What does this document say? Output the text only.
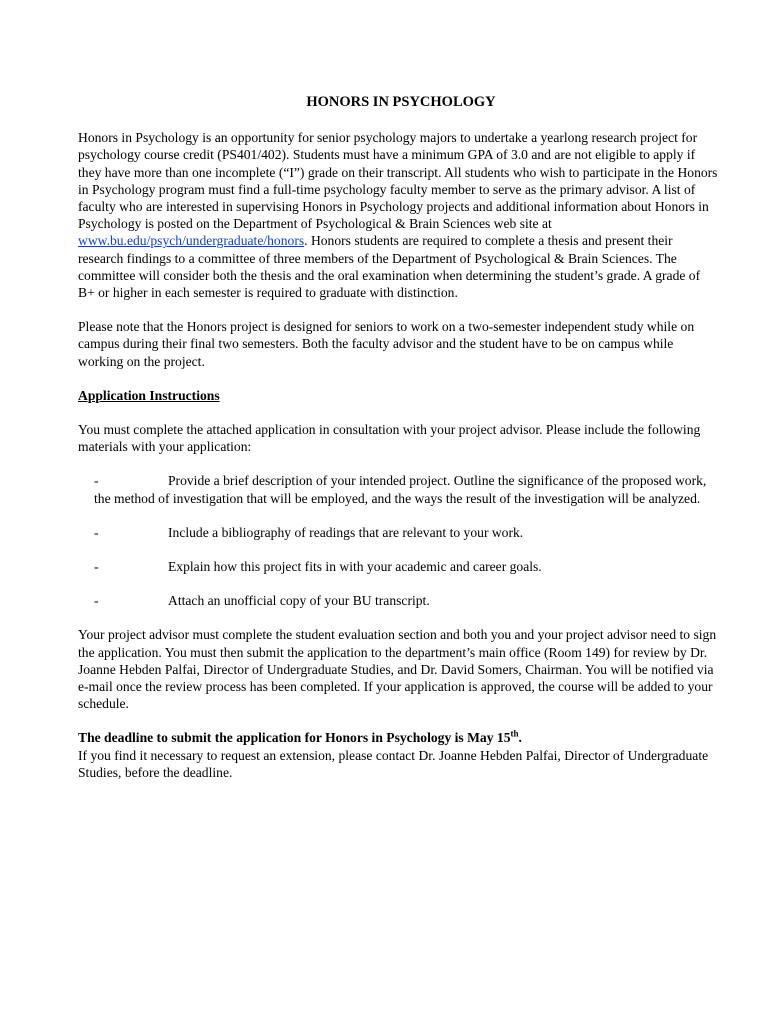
HONORS IN PSYCHOLOGY

Honors in Psychology is an opportunity for senior psychology majors to undertake a yearlong research project for psychology course credit (PS401/402). Students must have a minimum GPA of 3.0 and are not eligible to apply if they have more than one incomplete (“I”) grade on their transcript. All students who wish to participate in the Honors in Psychology program must find a full-time psychology faculty member to serve as the primary advisor. A list of faculty who are interested in supervising Honors in Psychology projects and additional information about Honors in Psychology is posted on the Department of Psychological & Brain Sciences web site at www.bu.edu/psych/undergraduate/honors. Honors students are required to complete a thesis and present their research findings to a committee of three members of the Department of Psychological & Brain Sciences. The committee will consider both the thesis and the oral examination when determining the student’s grade. A grade of B+ or higher in each semester is required to graduate with distinction.

Please note that the Honors project is designed for seniors to work on a two-semester independent study while on campus during their final two semesters. Both the faculty advisor and the student have to be on campus while working on the project.

Application Instructions

You must complete the attached application in consultation with your project advisor. Please include the following materials with your application:

-	Provide a brief description of your intended project. Outline the significance of the proposed work, the method of investigation that will be employed, and the ways the result of the investigation will be analyzed.
-	Include a bibliography of readings that are relevant to your work.
-	Explain how this project fits in with your academic and career goals.
-	Attach an unofficial copy of your BU transcript.

Your project advisor must complete the student evaluation section and both you and your project advisor need to sign the application. You must then submit the application to the department’s main office (Room 149) for review by Dr. Joanne Hebden Palfai, Director of Undergraduate Studies, and Dr. David Somers, Chairman. You will be notified via e-mail once the review process has been completed. If your application is approved, the course will be added to your schedule.

The deadline to submit the application for Honors in Psychology is May 15th.

If you find it necessary to request an extension, please contact Dr. Joanne Hebden Palfai, Director of Undergraduate Studies, before the deadline.
